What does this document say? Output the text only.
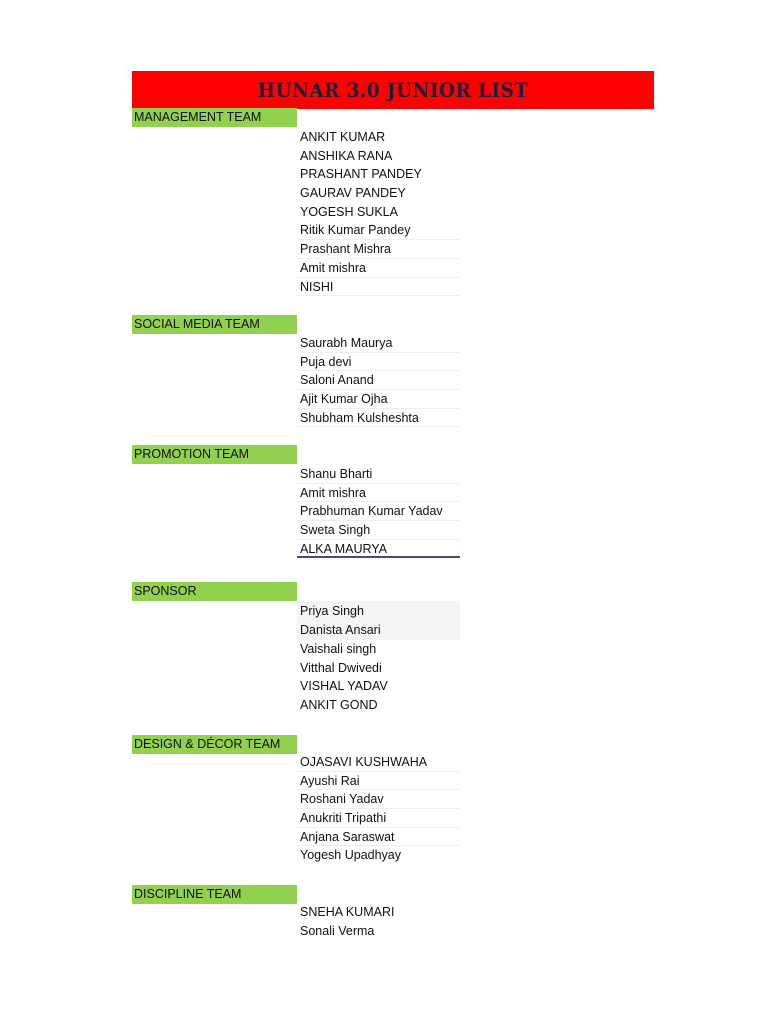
HUNAR 3.0 JUNIOR LIST
MANAGEMENT TEAM
ANKIT KUMAR
ANSHIKA RANA
PRASHANT PANDEY
GAURAV PANDEY
YOGESH SUKLA
Ritik Kumar Pandey
Prashant Mishra
Amit mishra
NISHI
SOCIAL MEDIA TEAM
Saurabh Maurya
Puja devi
Saloni Anand
Ajit Kumar Ojha
Shubham Kulsheshta
PROMOTION TEAM
Shanu Bharti
Amit mishra
Prabhuman Kumar Yadav
Sweta Singh
ALKA MAURYA
SPONSOR
Priya Singh
Danista Ansari
Vaishali singh
Vitthal Dwivedi
VISHAL YADAV
ANKIT GOND
DESIGN & DÉCOR TEAM
OJASAVI KUSHWAHA
Ayushi Rai
Roshani Yadav
Anukriti Tripathi
Anjana Saraswat
Yogesh Upadhyay
DISCIPLINE TEAM
SNEHA KUMARI
Sonali Verma
